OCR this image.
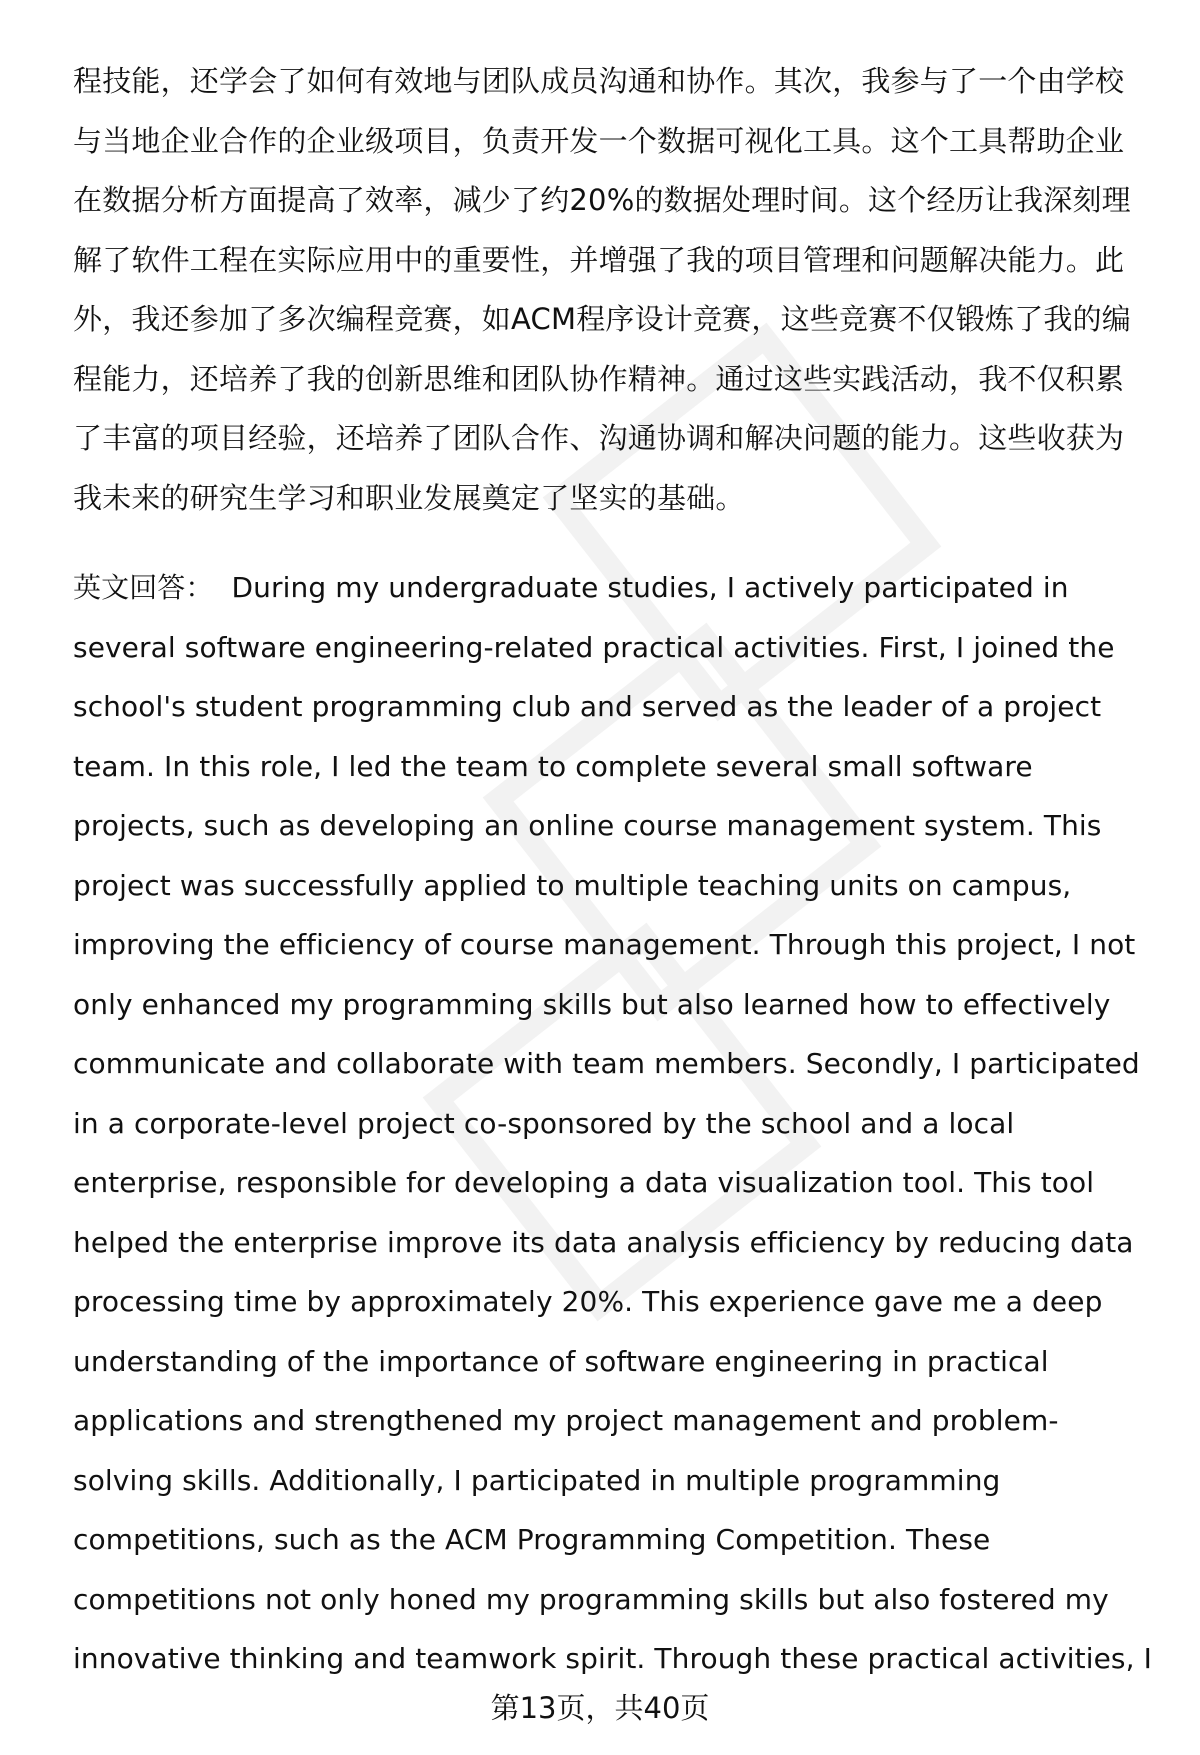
程技能，还学会了如何有效地与团队成员沟通和协作。其次，我参与了一个由学校与当地企业合作的企业级项目，负责开发一个数据可视化工具。这个工具帮助企业在数据分析方面提高了效率，减少了约20%的数据处理时间。这个经历让我深刻理解了软件工程在实际应用中的重要性，并增强了我的项目管理和问题解决能力。此外，我还参加了多次编程竞赛，如ACM程序设计竞赛，这些竞赛不仅锻炼了我的编程能力，还培养了我的创新思维和团队协作精神。通过这些实践活动，我不仅积累了丰富的项目经验，还培养了团队合作、沟通协调和解决问题的能力。这些收获为我未来的研究生学习和职业发展奠定了坚实的基础。

英文回答： During my undergraduate studies, I actively participated in several software engineering-related practical activities. First, I joined the school's student programming club and served as the leader of a project team. In this role, I led the team to complete several small software projects, such as developing an online course management system. This project was successfully applied to multiple teaching units on campus, improving the efficiency of course management. Through this project, I not only enhanced my programming skills but also learned how to effectively communicate and collaborate with team members. Secondly, I participated in a corporate-level project co-sponsored by the school and a local enterprise, responsible for developing a data visualization tool. This tool helped the enterprise improve its data analysis efficiency by reducing data processing time by approximately 20%. This experience gave me a deep understanding of the importance of software engineering in practical applications and strengthened my project management and problem-solving skills. Additionally, I participated in multiple programming competitions, such as the ACM Programming Competition. These competitions not only honed my programming skills but also fostered my innovative thinking and teamwork spirit. Through these practical activities, I

第13页，共40页
